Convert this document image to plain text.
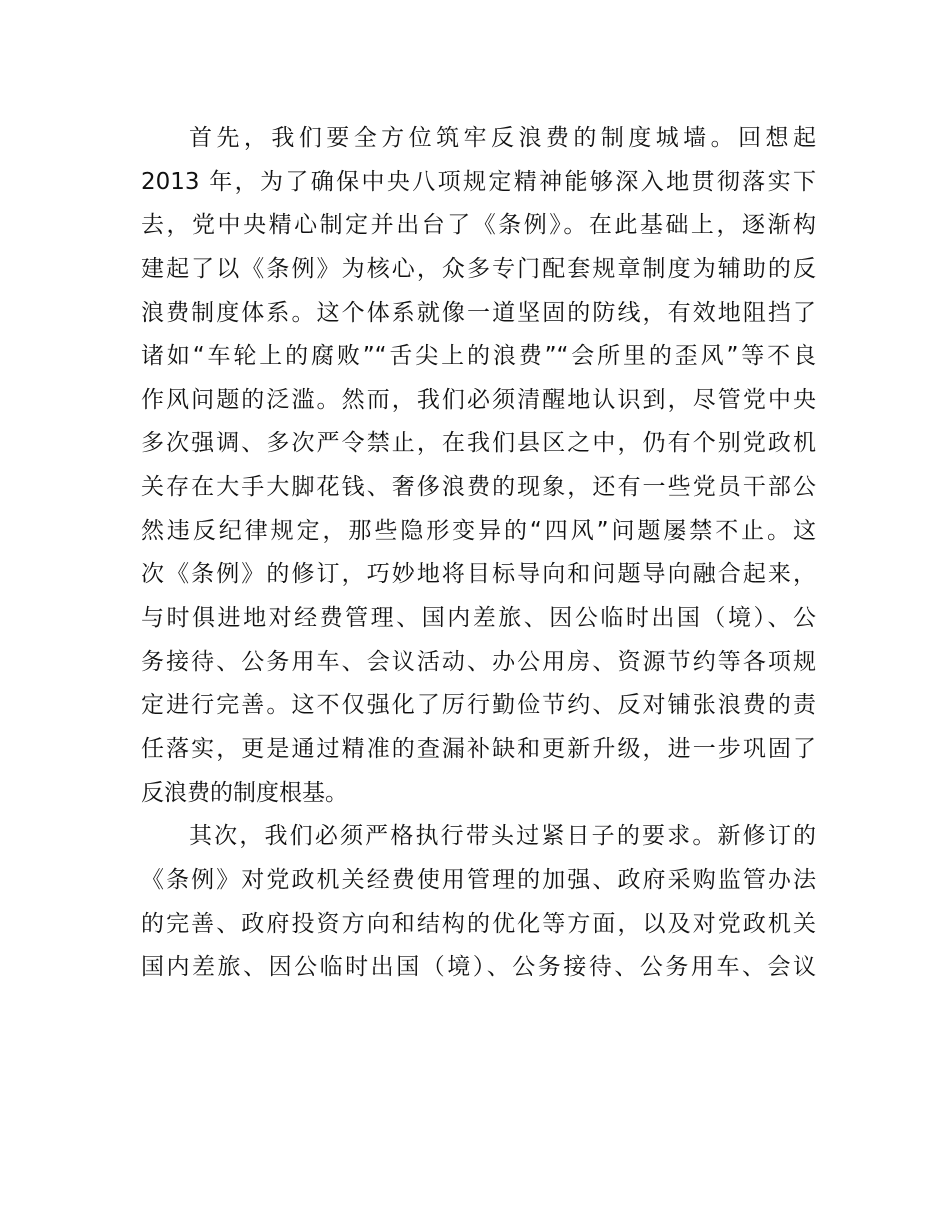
首先，我们要全方位筑牢反浪费的制度城墙。回想起
2013 年，为了确保中央八项规定精神能够深入地贯彻落实下
去，党中央精心制定并出台了《条例》。在此基础上，逐渐构
建起了以《条例》为核心，众多专门配套规章制度为辅助的反
浪费制度体系。这个体系就像一道坚固的防线，有效地阻挡了
诸如“车轮上的腐败”“舌尖上的浪费”“会所里的歪风”等不良
作风问题的泛滥。然而，我们必须清醒地认识到，尽管党中央
多次强调、多次严令禁止，在我们县区之中，仍有个别党政机
关存在大手大脚花钱、奢侈浪费的现象，还有一些党员干部公
然违反纪律规定，那些隐形变异的“四风”问题屡禁不止。这
次《条例》的修订，巧妙地将目标导向和问题导向融合起来，
与时俱进地对经费管理、国内差旅、因公临时出国（境）、公
务接待、公务用车、会议活动、办公用房、资源节约等各项规
定进行完善。这不仅强化了厉行勤俭节约、反对铺张浪费的责
任落实，更是通过精准的查漏补缺和更新升级，进一步巩固了
反浪费的制度根基。
其次，我们必须严格执行带头过紧日子的要求。新修订的
《条例》对党政机关经费使用管理的加强、政府采购监管办法
的完善、政府投资方向和结构的优化等方面，以及对党政机关
国内差旅、因公临时出国（境）、公务接待、公务用车、会议
